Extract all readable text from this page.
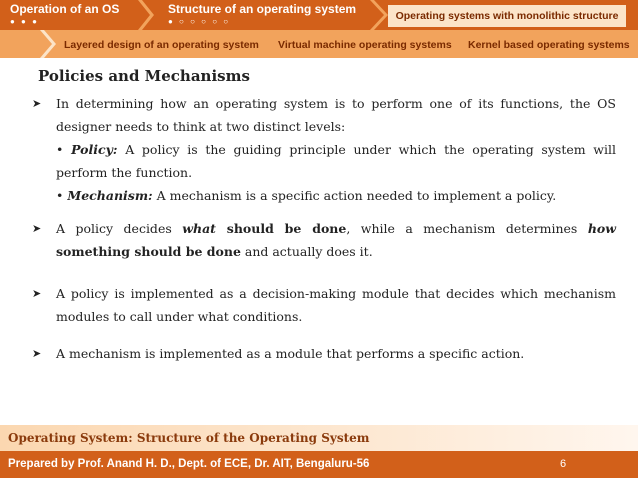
Operation of an OS
● ● ●
Structure of an operating system
● ○ ○ ○ ○ ○	Operating systems with monolithic structure
Layered design of an operating system Virtual machine operating systems Kernel based operating systems
Policies and Mechanisms
➤ In determining how an operating system is to perform one of its functions, the OS designer needs to think at two distinct levels:
• Policy: A policy is the guiding principle under which the operating system will perform the function.
• Mechanism: A mechanism is a specific action needed to implement a policy.
➤ A policy decides what should be done, while a mechanism determines how something should be done and actually does it.
➤ A policy is implemented as a decision-making module that decides which mechanism modules to call under what conditions.
➤ A mechanism is implemented as a module that performs a specific action.
Operating System: Structure of the Operating System
Prepared by Prof. Anand H. D., Dept. of ECE, Dr. AIT, Bengaluru-56	6
